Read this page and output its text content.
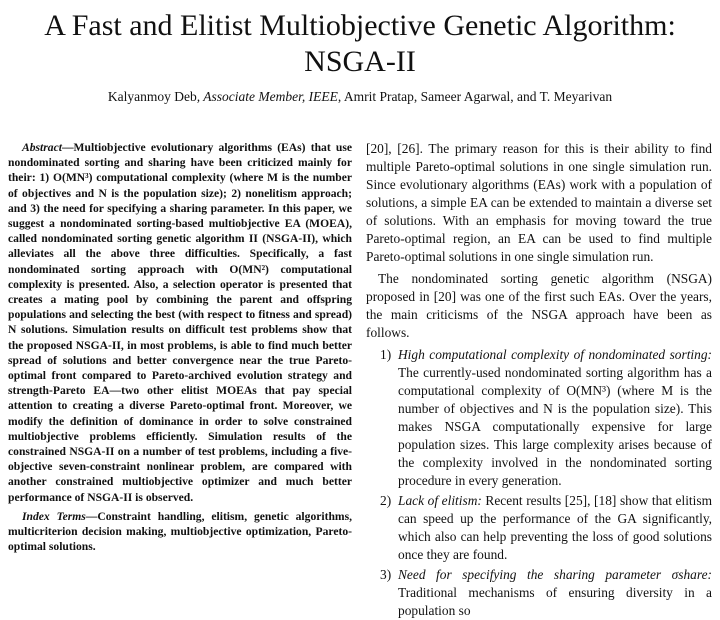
A Fast and Elitist Multiobjective Genetic Algorithm:
NSGA-II
Kalyanmoy Deb, Associate Member, IEEE, Amrit Pratap, Sameer Agarwal, and T. Meyarivan

Abstract—Multiobjective evolutionary algorithms (EAs) that use nondominated sorting and sharing have been criticized mainly for their: 1) O(MN³) computational complexity (where M is the number of objectives and N is the population size); 2) nonelitism approach; and 3) the need for specifying a sharing parameter. In this paper, we suggest a nondominated sorting-based multiobjective EA (MOEA), called nondominated sorting genetic algorithm II (NSGA-II), which alleviates all the above three difficulties. Specifically, a fast nondominated sorting approach with O(MN²) computational complexity is presented. Also, a selection operator is presented that creates a mating pool by combining the parent and offspring populations and selecting the best (with respect to fitness and spread) N solutions. Simulation results on difficult test problems show that the proposed NSGA-II, in most problems, is able to find much better spread of solutions and better convergence near the true Pareto-optimal front compared to Pareto-archived evolution strategy and strength-Pareto EA—two other elitist MOEAs that pay special attention to creating a diverse Pareto-optimal front. Moreover, we modify the definition of dominance in order to solve constrained multiobjective problems efficiently. Simulation results of the constrained NSGA-II on a number of test problems, including a five-objective seven-constraint nonlinear problem, are compared with another constrained multiobjective optimizer and much better performance of NSGA-II is observed.

Index Terms—Constraint handling, elitism, genetic algorithms, multicriterion decision making, multiobjective optimization, Pareto-optimal solutions.

[20], [26]. The primary reason for this is their ability to find multiple Pareto-optimal solutions in one single simulation run. Since evolutionary algorithms (EAs) work with a population of solutions, a simple EA can be extended to maintain a diverse set of solutions. With an emphasis for moving toward the true Pareto-optimal region, an EA can be used to find multiple Pareto-optimal solutions in one single simulation run.

The nondominated sorting genetic algorithm (NSGA) proposed in [20] was one of the first such EAs. Over the years, the main criticisms of the NSGA approach have been as follows.

1) High computational complexity of nondominated sorting: The currently-used nondominated sorting algorithm has a computational complexity of O(MN³) (where M is the number of objectives and N is the population size). This makes NSGA computationally expensive for large population sizes. This large complexity arises because of the complexity involved in the nondominated sorting procedure in every generation.
2) Lack of elitism: Recent results [25], [18] show that elitism can speed up the performance of the GA significantly, which also can help preventing the loss of good solutions once they are found.
3) Need for specifying the sharing parameter σshare: Traditional mechanisms of ensuring diversity in a population so
